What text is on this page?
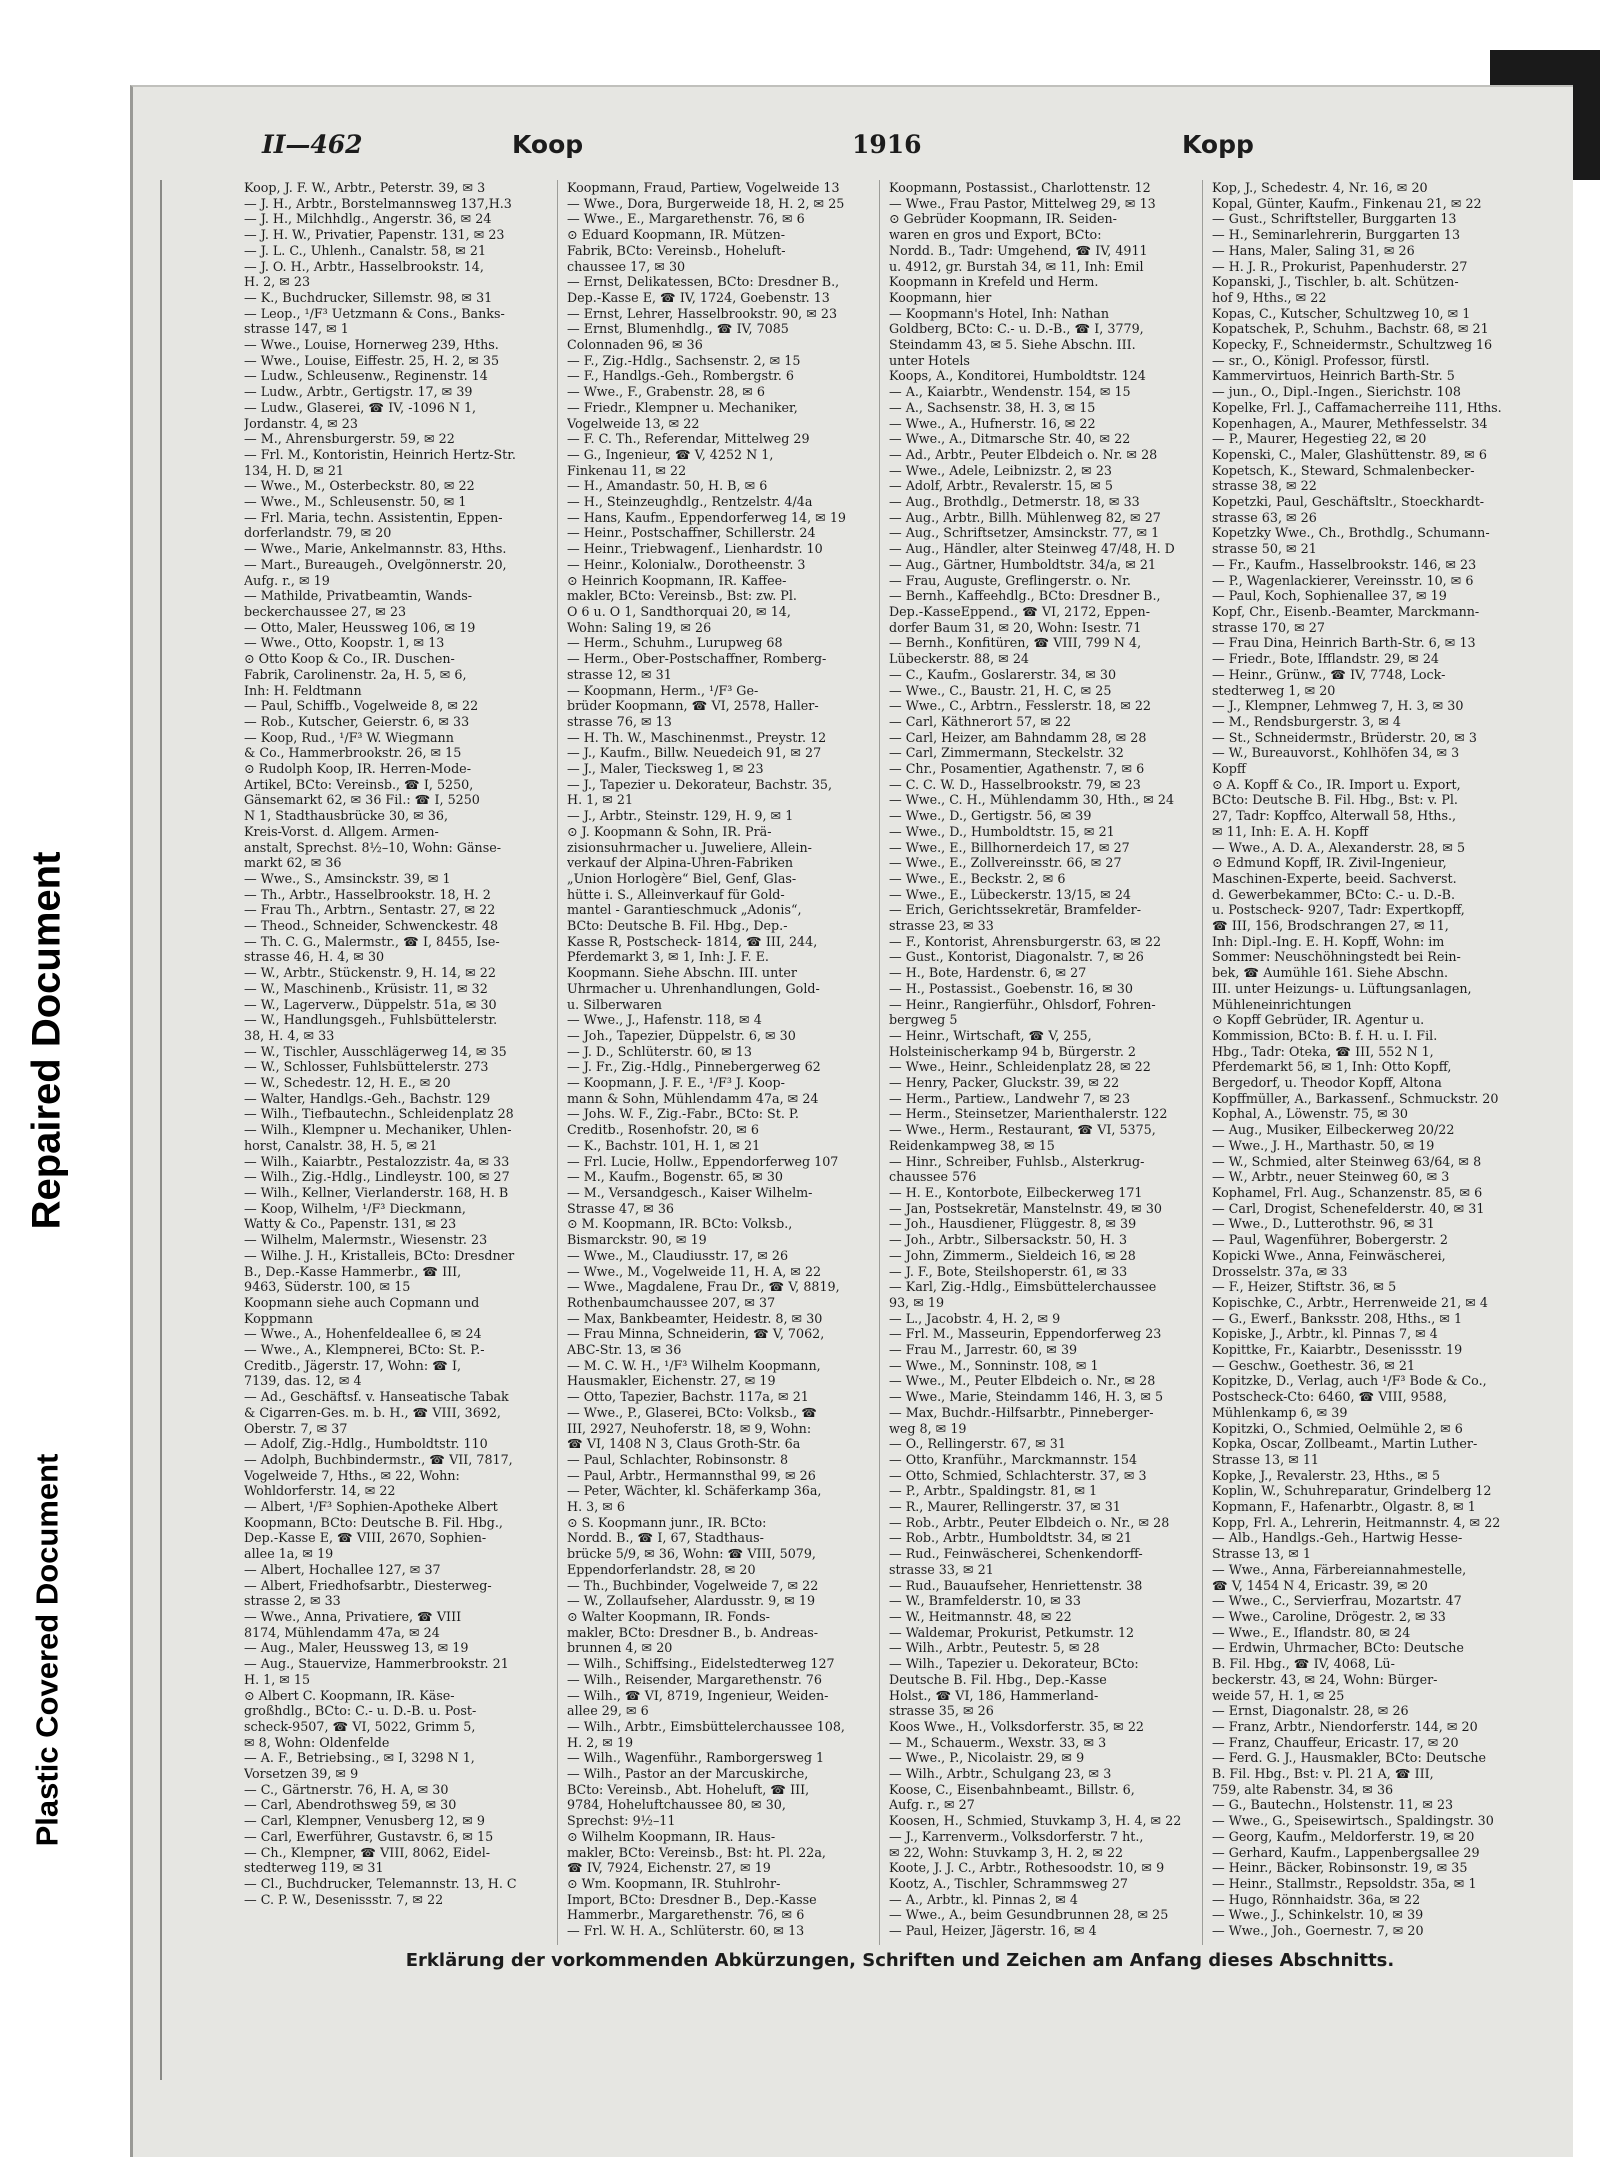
Repaired Document
Plastic Covered Document
II—462	Koop	1916	Kopp
Koop, J. F. W., Arbtr., Peterstr. 39, ✉ 3
— J. H., Arbtr., Borstelmannsweg 137,H.3
— J. H., Milchhdlg., Angerstr. 36, ✉ 24
— J. H. W., Privatier, Papenstr. 131, ✉ 23
— J. L. C., Uhlenh., Canalstr. 58, ✉ 21
— J. O. H., Arbtr., Hasselbrookstr. 14,
H. 2, ✉ 23
— K., Buchdrucker, Sillemstr. 98, ✉ 31
— Leop., ¹/F³ Uetzmann & Cons., Banks-
strasse 147, ✉ 1
— Wwe., Louise, Hornerweg 239, Hths.
— Wwe., Louise, Eiffestr. 25, H. 2, ✉ 35
— Ludw., Schleusenw., Reginenstr. 14
— Ludw., Arbtr., Gertigstr. 17, ✉ 39
— Ludw., Glaserei, ☎ IV, -1096 N 1,
Jordanstr. 4, ✉ 23
— M., Ahrensburgerstr. 59, ✉ 22
— Frl. M., Kontoristin, Heinrich Hertz-Str.
134, H. D, ✉ 21
— Wwe., M., Osterbeckstr. 80, ✉ 22
— Wwe., M., Schleusenstr. 50, ✉ 1
— Frl. Maria, techn. Assistentin, Eppen-
dorferlandstr. 79, ✉ 20
— Wwe., Marie, Ankelmannstr. 83, Hths.
— Mart., Bureaugeh., Ovelgönnerstr. 20,
Aufg. r., ✉ 19
— Mathilde, Privatbeamtin, Wands-
beckerchaussee 27, ✉ 23
— Otto, Maler, Heussweg 106, ✉ 19
— Wwe., Otto, Koopstr. 1, ✉ 13
⊙ Otto Koop & Co., IR. Duschen-
Fabrik, Carolinenstr. 2a, H. 5, ✉ 6,
Inh: H. Feldtmann
— Paul, Schiffb., Vogelweide 8, ✉ 22
— Rob., Kutscher, Geierstr. 6, ✉ 33
— Koop, Rud., ¹/F³ W. Wiegmann
& Co., Hammerbrookstr. 26, ✉ 15
⊙ Rudolph Koop, IR. Herren-Mode-
Artikel, BCto: Vereinsb., ☎ I, 5250,
Gänsemarkt 62, ✉ 36 Fil.: ☎ I, 5250
N 1, Stadthausbrücke 30, ✉ 36,
Kreis-Vorst. d. Allgem. Armen-
anstalt, Sprechst. 8½–10, Wohn: Gänse-
markt 62, ✉ 36
— Wwe., S., Amsinckstr. 39, ✉ 1
— Th., Arbtr., Hasselbrookstr. 18, H. 2
— Frau Th., Arbtrn., Sentastr. 27, ✉ 22
— Theod., Schneider, Schwenckestr. 48
— Th. C. G., Malermstr., ☎ I, 8455, Ise-
strasse 46, H. 4, ✉ 30
— W., Arbtr., Stückenstr. 9, H. 14, ✉ 22
— W., Maschinenb., Krüsistr. 11, ✉ 32
— W., Lagerverw., Düppelstr. 51a, ✉ 30
— W., Handlungsgeh., Fuhlsbüttelerstr.
38, H. 4, ✉ 33
— W., Tischler, Ausschlägerweg 14, ✉ 35
— W., Schlosser, Fuhlsbüttelerstr. 273
— W., Schedestr. 12, H. E., ✉ 20
— Walter, Handlgs.-Geh., Bachstr. 129
— Wilh., Tiefbautechn., Schleidenplatz 28
— Wilh., Klempner u. Mechaniker, Uhlen-
horst, Canalstr. 38, H. 5, ✉ 21
— Wilh., Kaiarbtr., Pestalozzistr. 4a, ✉ 33
— Wilh., Zig.-Hdlg., Lindleystr. 100, ✉ 27
— Wilh., Kellner, Vierlanderstr. 168, H. B
— Koop, Wilhelm, ¹/F³ Dieckmann,
Watty & Co., Papenstr. 131, ✉ 23
— Wilhelm, Malermstr., Wiesenstr. 23
— Wilhe. J. H., Kristalleis, BCto: Dresdner
B., Dep.-Kasse Hammerbr., ☎ III,
9463, Süderstr. 100, ✉ 15
Koopmann siehe auch Copmann und
Koppmann
— Wwe., A., Hohenfeldeallee 6, ✉ 24
— Wwe., A., Klempnerei, BCto: St. P.-
Creditb., Jägerstr. 17, Wohn: ☎ I,
7139, das. 12, ✉ 4
— Ad., Geschäftsf. v. Hanseatische Tabak
& Cigarren-Ges. m. b. H., ☎ VIII, 3692,
Oberstr. 7, ✉ 37
— Adolf, Zig.-Hdlg., Humboldtstr. 110
— Adolph, Buchbindermstr., ☎ VII, 7817,
Vogelweide 7, Hths., ✉ 22, Wohn:
Wohldorferstr. 14, ✉ 22
— Albert, ¹/F³ Sophien-Apotheke Albert
Koopmann, BCto: Deutsche B. Fil. Hbg.,
Dep.-Kasse E, ☎ VIII, 2670, Sophien-
allee 1a, ✉ 19
— Albert, Hochallee 127, ✉ 37
— Albert, Friedhofsarbtr., Diesterweg-
strasse 2, ✉ 33
— Wwe., Anna, Privatiere, ☎ VIII
8174, Mühlendamm 47a, ✉ 24
— Aug., Maler, Heussweg 13, ✉ 19
— Aug., Stauervize, Hammerbrookstr. 21
H. 1, ✉ 15
⊙ Albert C. Koopmann, IR. Käse-
großhdlg., BCto: C.- u. D.-B. u. Post-
scheck-9507, ☎ VI, 5022, Grimm 5,
✉ 8, Wohn: Oldenfelde
— A. F., Betriebsing., ✉ I, 3298 N 1,
Vorsetzen 39, ✉ 9
— C., Gärtnerstr. 76, H. A, ✉ 30
— Carl, Abendrothsweg 59, ✉ 30
— Carl, Klempner, Venusberg 12, ✉ 9
— Carl, Ewerführer, Gustavstr. 6, ✉ 15
— Ch., Klempner, ☎ VIII, 8062, Eidel-
stedterweg 119, ✉ 31
— Cl., Buchdrucker, Telemannstr. 13, H. C
— C. P. W., Desenissstr. 7, ✉ 22
Koopmann, Fraud, Partiew, Vogelweide 13
— Wwe., Dora, Burgerweide 18, H. 2, ✉ 25
— Wwe., E., Margarethenstr. 76, ✉ 6
⊙ Eduard Koopmann, IR. Mützen-
Fabrik, BCto: Vereinsb., Hoheluft-
chaussee 17, ✉ 30
— Ernst, Delikatessen, BCto: Dresdner B.,
Dep.-Kasse E, ☎ IV, 1724, Goebenstr. 13
— Ernst, Lehrer, Hasselbrookstr. 90, ✉ 23
— Ernst, Blumenhdlg., ☎ IV, 7085
Colonnaden 96, ✉ 36
— F., Zig.-Hdlg., Sachsenstr. 2, ✉ 15
— F., Handlgs.-Geh., Rombergstr. 6
— Wwe., F., Grabenstr. 28, ✉ 6
— Friedr., Klempner u. Mechaniker,
Vogelweide 13, ✉ 22
— F. C. Th., Referendar, Mittelweg 29
— G., Ingenieur, ☎ V, 4252 N 1,
Finkenau 11, ✉ 22
— H., Amandastr. 50, H. B, ✉ 6
— H., Steinzeughdlg., Rentzelstr. 4/4a
— Hans, Kaufm., Eppendorferweg 14, ✉ 19
— Heinr., Postschaffner, Schillerstr. 24
— Heinr., Triebwagenf., Lienhardstr. 10
— Heinr., Kolonialw., Dorotheenstr. 3
⊙ Heinrich Koopmann, IR. Kaffee-
makler, BCto: Vereinsb., Bst: zw. Pl.
O 6 u. O 1, Sandthorquai 20, ✉ 14,
Wohn: Saling 19, ✉ 26
— Herm., Schuhm., Lurupweg 68
— Herm., Ober-Postschaffner, Romberg-
strasse 12, ✉ 31
— Koopmann, Herm., ¹/F³ Ge-
brüder Koopmann, ☎ VI, 2578, Haller-
strasse 76, ✉ 13
— H. Th. W., Maschinenmst., Preystr. 12
— J., Kaufm., Billw. Neuedeich 91, ✉ 27
— J., Maler, Tiecksweg 1, ✉ 23
— J., Tapezier u. Dekorateur, Bachstr. 35,
H. 1, ✉ 21
— J., Arbtr., Steinstr. 129, H. 9, ✉ 1
⊙ J. Koopmann & Sohn, IR. Prä-
zisionsuhrmacher u. Juweliere, Allein-
verkauf der Alpina-Uhren-Fabriken
„Union Horlogère“ Biel, Genf, Glas-
hütte i. S., Alleinverkauf für Gold-
mantel - Garantieschmuck „Adonis“,
BCto: Deutsche B. Fil. Hbg., Dep.-
Kasse R, Postscheck- 1814, ☎ III, 244,
Pferdemarkt 3, ✉ 1, Inh: J. F. E.
Koopmann. Siehe Abschn. III. unter
Uhrmacher u. Uhrenhandlungen, Gold-
u. Silberwaren
— Wwe., J., Hafenstr. 118, ✉ 4
— Joh., Tapezier, Düppelstr. 6, ✉ 30
— J. D., Schlüterstr. 60, ✉ 13
— J. Fr., Zig.-Hdlg., Pinnebergerweg 62
— Koopmann, J. F. E., ¹/F³ J. Koop-
mann & Sohn, Mühlendamm 47a, ✉ 24
— Johs. W. F., Zig.-Fabr., BCto: St. P.
Creditb., Rosenhofstr. 20, ✉ 6
— K., Bachstr. 101, H. 1, ✉ 21
— Frl. Lucie, Hollw., Eppendorferweg 107
— M., Kaufm., Bogenstr. 65, ✉ 30
— M., Versandgesch., Kaiser Wilhelm-
Strasse 47, ✉ 36
⊙ M. Koopmann, IR. BCto: Volksb.,
Bismarckstr. 90, ✉ 19
— Wwe., M., Claudiusstr. 17, ✉ 26
— Wwe., M., Vogelweide 11, H. A, ✉ 22
— Wwe., Magdalene, Frau Dr., ☎ V, 8819,
Rothenbaumchaussee 207, ✉ 37
— Max, Bankbeamter, Heidestr. 8, ✉ 30
— Frau Minna, Schneiderin, ☎ V, 7062,
ABC-Str. 13, ✉ 36
— M. C. W. H., ¹/F³ Wilhelm Koopmann,
Hausmakler, Eichenstr. 27, ✉ 19
— Otto, Tapezier, Bachstr. 117a, ✉ 21
— Wwe., P., Glaserei, BCto: Volksb., ☎
III, 2927, Neuhoferstr. 18, ✉ 9, Wohn:
☎ VI, 1408 N 3, Claus Groth-Str. 6a
— Paul, Schlachter, Robinsonstr. 8
— Paul, Arbtr., Hermannsthal 99, ✉ 26
— Peter, Wächter, kl. Schäferkamp 36a,
H. 3, ✉ 6
⊙ S. Koopmann junr., IR. BCto:
Nordd. B., ☎ I, 67, Stadthaus-
brücke 5/9, ✉ 36, Wohn: ☎ VIII, 5079,
Eppendorferlandstr. 28, ✉ 20
— Th., Buchbinder, Vogelweide 7, ✉ 22
— W., Zollaufseher, Alardusstr. 9, ✉ 19
⊙ Walter Koopmann, IR. Fonds-
makler, BCto: Dresdner B., b. Andreas-
brunnen 4, ✉ 20
— Wilh., Schiffsing., Eidelstedterweg 127
— Wilh., Reisender, Margarethenstr. 76
— Wilh., ☎ VI, 8719, Ingenieur, Weiden-
allee 29, ✉ 6
— Wilh., Arbtr., Eimsbüttelerchaussee 108,
H. 2, ✉ 19
— Wilh., Wagenführ., Ramborgersweg 1
— Wilh., Pastor an der Marcuskirche,
BCto: Vereinsb., Abt. Hoheluft, ☎ III,
9784, Hoheluftchaussee 80, ✉ 30,
Sprechst: 9½–11
⊙ Wilhelm Koopmann, IR. Haus-
makler, BCto: Vereinsb., Bst: ht. Pl. 22a,
☎ IV, 7924, Eichenstr. 27, ✉ 19
⊙ Wm. Koopmann, IR. Stuhlrohr-
Import, BCto: Dresdner B., Dep.-Kasse
Hammerbr., Margarethenstr. 76, ✉ 6
— Frl. W. H. A., Schlüterstr. 60, ✉ 13
Koopmann, Postassist., Charlottenstr. 12
— Wwe., Frau Pastor, Mittelweg 29, ✉ 13
⊙ Gebrüder Koopmann, IR. Seiden-
waren en gros und Export, BCto:
Nordd. B., Tadr: Umgehend, ☎ IV, 4911
u. 4912, gr. Burstah 34, ✉ 11, Inh: Emil
Koopmann in Krefeld und Herm.
Koopmann, hier
— Koopmann's Hotel, Inh: Nathan
Goldberg, BCto: C.- u. D.-B., ☎ I, 3779,
Steindamm 43, ✉ 5. Siehe Abschn. III.
unter Hotels
Koops, A., Konditorei, Humboldtstr. 124
— A., Kaiarbtr., Wendenstr. 154, ✉ 15
— A., Sachsenstr. 38, H. 3, ✉ 15
— Wwe., A., Hufnerstr. 16, ✉ 22
— Wwe., A., Ditmarsche Str. 40, ✉ 22
— Ad., Arbtr., Peuter Elbdeich o. Nr. ✉ 28
— Wwe., Adele, Leibnizstr. 2, ✉ 23
— Adolf, Arbtr., Revalerstr. 15, ✉ 5
— Aug., Brothdlg., Detmerstr. 18, ✉ 33
— Aug., Arbtr., Billh. Mühlenweg 82, ✉ 27
— Aug., Schriftsetzer, Amsinckstr. 77, ✉ 1
— Aug., Händler, alter Steinweg 47/48, H. D
— Aug., Gärtner, Humboldtstr. 34/a, ✉ 21
— Frau, Auguste, Greflingerstr. o. Nr.
— Bernh., Kaffeehdlg., BCto: Dresdner B.,
Dep.-KasseEppend., ☎ VI, 2172, Eppen-
dorfer Baum 31, ✉ 20, Wohn: Isestr. 71
— Bernh., Konfitüren, ☎ VIII, 799 N 4,
Lübeckerstr. 88, ✉ 24
— C., Kaufm., Goslarerstr. 34, ✉ 30
— Wwe., C., Baustr. 21, H. C, ✉ 25
— Wwe., C., Arbtrn., Fesslerstr. 18, ✉ 22
— Carl, Käthnerort 57, ✉ 22
— Carl, Heizer, am Bahndamm 28, ✉ 28
— Carl, Zimmermann, Steckelstr. 32
— Chr., Posamentier, Agathenstr. 7, ✉ 6
— C. C. W. D., Hasselbrookstr. 79, ✉ 23
— Wwe., C. H., Mühlendamm 30, Hth., ✉ 24
— Wwe., D., Gertigstr. 56, ✉ 39
— Wwe., D., Humboldtstr. 15, ✉ 21
— Wwe., E., Billhornerdeich 17, ✉ 27
— Wwe., E., Zollvereinsstr. 66, ✉ 27
— Wwe., E., Beckstr. 2, ✉ 6
— Wwe., E., Lübeckerstr. 13/15, ✉ 24
— Erich, Gerichtssekretär, Bramfelder-
strasse 23, ✉ 33
— F., Kontorist, Ahrensburgerstr. 63, ✉ 22
— Gust., Kontorist, Diagonalstr. 7, ✉ 26
— H., Bote, Hardenstr. 6, ✉ 27
— H., Postassist., Goebenstr. 16, ✉ 30
— Heinr., Rangierführ., Ohlsdorf, Fohren-
bergweg 5
— Heinr., Wirtschaft, ☎ V, 255,
Holsteinischerkamp 94 b, Bürgerstr. 2
— Wwe., Heinr., Schleidenplatz 28, ✉ 22
— Henry, Packer, Gluckstr. 39, ✉ 22
— Herm., Partiew., Landwehr 7, ✉ 23
— Herm., Steinsetzer, Marienthalerstr. 122
— Wwe., Herm., Restaurant, ☎ VI, 5375,
Reidenkampweg 38, ✉ 15
— Hinr., Schreiber, Fuhlsb., Alsterkrug-
chaussee 576
— H. E., Kontorbote, Eilbeckerweg 171
— Jan, Postsekretär, Manstelnstr. 49, ✉ 30
— Joh., Hausdiener, Flüggestr. 8, ✉ 39
— Joh., Arbtr., Silbersackstr. 50, H. 3
— John, Zimmerm., Sieldeich 16, ✉ 28
— J. F., Bote, Steilshoperstr. 61, ✉ 33
— Karl, Zig.-Hdlg., Eimsbüttelerchaussee
93, ✉ 19
— L., Jacobstr. 4, H. 2, ✉ 9
— Frl. M., Masseurin, Eppendorferweg 23
— Frau M., Jarrestr. 60, ✉ 39
— Wwe., M., Sonninstr. 108, ✉ 1
— Wwe., M., Peuter Elbdeich o. Nr., ✉ 28
— Wwe., Marie, Steindamm 146, H. 3, ✉ 5
— Max, Buchdr.-Hilfsarbtr., Pinneberger-
weg 8, ✉ 19
— O., Rellingerstr. 67, ✉ 31
— Otto, Kranführ., Marckmannstr. 154
— Otto, Schmied, Schlachterstr. 37, ✉ 3
— P., Arbtr., Spaldingstr. 81, ✉ 1
— R., Maurer, Rellingerstr. 37, ✉ 31
— Rob., Arbtr., Peuter Elbdeich o. Nr., ✉ 28
— Rob., Arbtr., Humboldtstr. 34, ✉ 21
— Rud., Feinwäscherei, Schenkendorff-
strasse 33, ✉ 21
— Rud., Bauaufseher, Henriettenstr. 38
— W., Bramfelderstr. 10, ✉ 33
— W., Heitmannstr. 48, ✉ 22
— Waldemar, Prokurist, Petkumstr. 12
— Wilh., Arbtr., Peutestr. 5, ✉ 28
— Wilh., Tapezier u. Dekorateur, BCto:
Deutsche B. Fil. Hbg., Dep.-Kasse
Holst., ☎ VI, 186, Hammerland-
strasse 35, ✉ 26
Koos Wwe., H., Volksdorferstr. 35, ✉ 22
— M., Schauerm., Wexstr. 33, ✉ 3
— Wwe., P., Nicolaistr. 29, ✉ 9
— Wilh., Arbtr., Schulgang 23, ✉ 3
Koose, C., Eisenbahnbeamt., Billstr. 6,
Aufg. r., ✉ 27
Koosen, H., Schmied, Stuvkamp 3, H. 4, ✉ 22
— J., Karrenverm., Volksdorferstr. 7 ht.,
✉ 22, Wohn: Stuvkamp 3, H. 2, ✉ 22
Koote, J. J. C., Arbtr., Rothesoodstr. 10, ✉ 9
Kootz, A., Tischler, Schrammsweg 27
— A., Arbtr., kl. Pinnas 2, ✉ 4
— Wwe., A., beim Gesundbrunnen 28, ✉ 25
— Paul, Heizer, Jägerstr. 16, ✉ 4
Kop, J., Schedestr. 4, Nr. 16, ✉ 20
Kopal, Günter, Kaufm., Finkenau 21, ✉ 22
— Gust., Schriftsteller, Burggarten 13
— H., Seminarlehrerin, Burggarten 13
— Hans, Maler, Saling 31, ✉ 26
— H. J. R., Prokurist, Papenhuderstr. 27
Kopanski, J., Tischler, b. alt. Schützen-
hof 9, Hths., ✉ 22
Kopas, C., Kutscher, Schultzweg 10, ✉ 1
Kopatschek, P., Schuhm., Bachstr. 68, ✉ 21
Kopecky, F., Schneidermstr., Schultzweg 16
— sr., O., Königl. Professor, fürstl.
Kammervirtuos, Heinrich Barth-Str. 5
— jun., O., Dipl.-Ingen., Sierichstr. 108
Kopelke, Frl. J., Caffamacherreihe 111, Hths.
Kopenhagen, A., Maurer, Methfesselstr. 34
— P., Maurer, Hegestieg 22, ✉ 20
Kopenski, C., Maler, Glashüttenstr. 89, ✉ 6
Kopetsch, K., Steward, Schmalenbecker-
strasse 38, ✉ 22
Kopetzki, Paul, Geschäftsltr., Stoeckhardt-
strasse 63, ✉ 26
Kopetzky Wwe., Ch., Brothdlg., Schumann-
strasse 50, ✉ 21
— Fr., Kaufm., Hasselbrookstr. 146, ✉ 23
— P., Wagenlackierer, Vereinsstr. 10, ✉ 6
— Paul, Koch, Sophienallee 37, ✉ 19
Kopf, Chr., Eisenb.-Beamter, Marckmann-
strasse 170, ✉ 27
— Frau Dina, Heinrich Barth-Str. 6, ✉ 13
— Friedr., Bote, Ifflandstr. 29, ✉ 24
— Heinr., Grünw., ☎ IV, 7748, Lock-
stedterweg 1, ✉ 20
— J., Klempner, Lehmweg 7, H. 3, ✉ 30
— M., Rendsburgerstr. 3, ✉ 4
— St., Schneidermstr., Brüderstr. 20, ✉ 3
— W., Bureauvorst., Kohlhöfen 34, ✉ 3
Kopff
⊙ A. Kopff & Co., IR. Import u. Export,
BCto: Deutsche B. Fil. Hbg., Bst: v. Pl.
27, Tadr: Kopffco, Alterwall 58, Hths.,
✉ 11, Inh: E. A. H. Kopff
— Wwe., A. D. A., Alexanderstr. 28, ✉ 5
⊙ Edmund Kopff, IR. Zivil-Ingenieur,
Maschinen-Experte, beeid. Sachverst.
d. Gewerbekammer, BCto: C.- u. D.-B.
u. Postscheck- 9207, Tadr: Expertkopff,
☎ III, 156, Brodschrangen 27, ✉ 11,
Inh: Dipl.-Ing. E. H. Kopff, Wohn: im
Sommer: Neuschöhningstedt bei Rein-
bek, ☎ Aumühle 161. Siehe Abschn.
III. unter Heizungs- u. Lüftungsanlagen,
Mühleneinrichtungen
⊙ Kopff Gebrüder, IR. Agentur u.
Kommission, BCto: B. f. H. u. I. Fil.
Hbg., Tadr: Oteka, ☎ III, 552 N 1,
Pferdemarkt 56, ✉ 1, Inh: Otto Kopff,
Bergedorf, u. Theodor Kopff, Altona
Kopffmüller, A., Barkassenf., Schmuckstr. 20
Kophal, A., Löwenstr. 75, ✉ 30
— Aug., Musiker, Eilbeckerweg 20/22
— Wwe., J. H., Marthastr. 50, ✉ 19
— W., Schmied, alter Steinweg 63/64, ✉ 8
— W., Arbtr., neuer Steinweg 60, ✉ 3
Kophamel, Frl. Aug., Schanzenstr. 85, ✉ 6
— Carl, Drogist, Schenefelderstr. 40, ✉ 31
— Wwe., D., Lutterothstr. 96, ✉ 31
— Paul, Wagenführer, Bobergerstr. 2
Kopicki Wwe., Anna, Feinwäscherei,
Drosselstr. 37a, ✉ 33
— F., Heizer, Stiftstr. 36, ✉ 5
Kopischke, C., Arbtr., Herrenweide 21, ✉ 4
— G., Ewerf., Banksstr. 208, Hths., ✉ 1
Kopiske, J., Arbtr., kl. Pinnas 7, ✉ 4
Kopittke, Fr., Kaiarbtr., Desenissstr. 19
— Geschw., Goethestr. 36, ✉ 21
Kopitzke, D., Verlag, auch ¹/F³ Bode & Co.,
Postscheck-Cto: 6460, ☎ VIII, 9588,
Mühlenkamp 6, ✉ 39
Kopitzki, O., Schmied, Oelmühle 2, ✉ 6
Kopka, Oscar, Zollbeamt., Martin Luther-
Strasse 13, ✉ 11
Kopke, J., Revalerstr. 23, Hths., ✉ 5
Koplin, W., Schuhreparatur, Grindelberg 12
Kopmann, F., Hafenarbtr., Olgastr. 8, ✉ 1
Kopp, Frl. A., Lehrerin, Heitmannstr. 4, ✉ 22
— Alb., Handlgs.-Geh., Hartwig Hesse-
Strasse 13, ✉ 1
— Wwe., Anna, Färbereiannahmestelle,
☎ V, 1454 N 4, Ericastr. 39, ✉ 20
— Wwe., C., Servierfrau, Mozartstr. 47
— Wwe., Caroline, Drögestr. 2, ✉ 33
— Wwe., E., Iflandstr. 80, ✉ 24
— Erdwin, Uhrmacher, BCto: Deutsche
B. Fil. Hbg., ☎ IV, 4068, Lü-
beckerstr. 43, ✉ 24, Wohn: Bürger-
weide 57, H. 1, ✉ 25
— Ernst, Diagonalstr. 28, ✉ 26
— Franz, Arbtr., Niendorferstr. 144, ✉ 20
— Franz, Chauffeur, Ericastr. 17, ✉ 20
— Ferd. G. J., Hausmakler, BCto: Deutsche
B. Fil. Hbg., Bst: v. Pl. 21 A, ☎ III,
759, alte Rabenstr. 34, ✉ 36
— G., Bautechn., Holstenstr. 11, ✉ 23
— Wwe., G., Speisewirtsch., Spaldingstr. 30
— Georg, Kaufm., Meldorferstr. 19, ✉ 20
— Gerhard, Kaufm., Lappenbergsallee 29
— Heinr., Bäcker, Robinsonstr. 19, ✉ 35
— Heinr., Stallmstr., Repsoldstr. 35a, ✉ 1
— Hugo, Rönnhaidstr. 36a, ✉ 22
— Wwe., J., Schinkelstr. 10, ✉ 39
— Wwe., Joh., Goernestr. 7, ✉ 20
Erklärung der vorkommenden Abkürzungen, Schriften und Zeichen am Anfang dieses Abschnitts.
